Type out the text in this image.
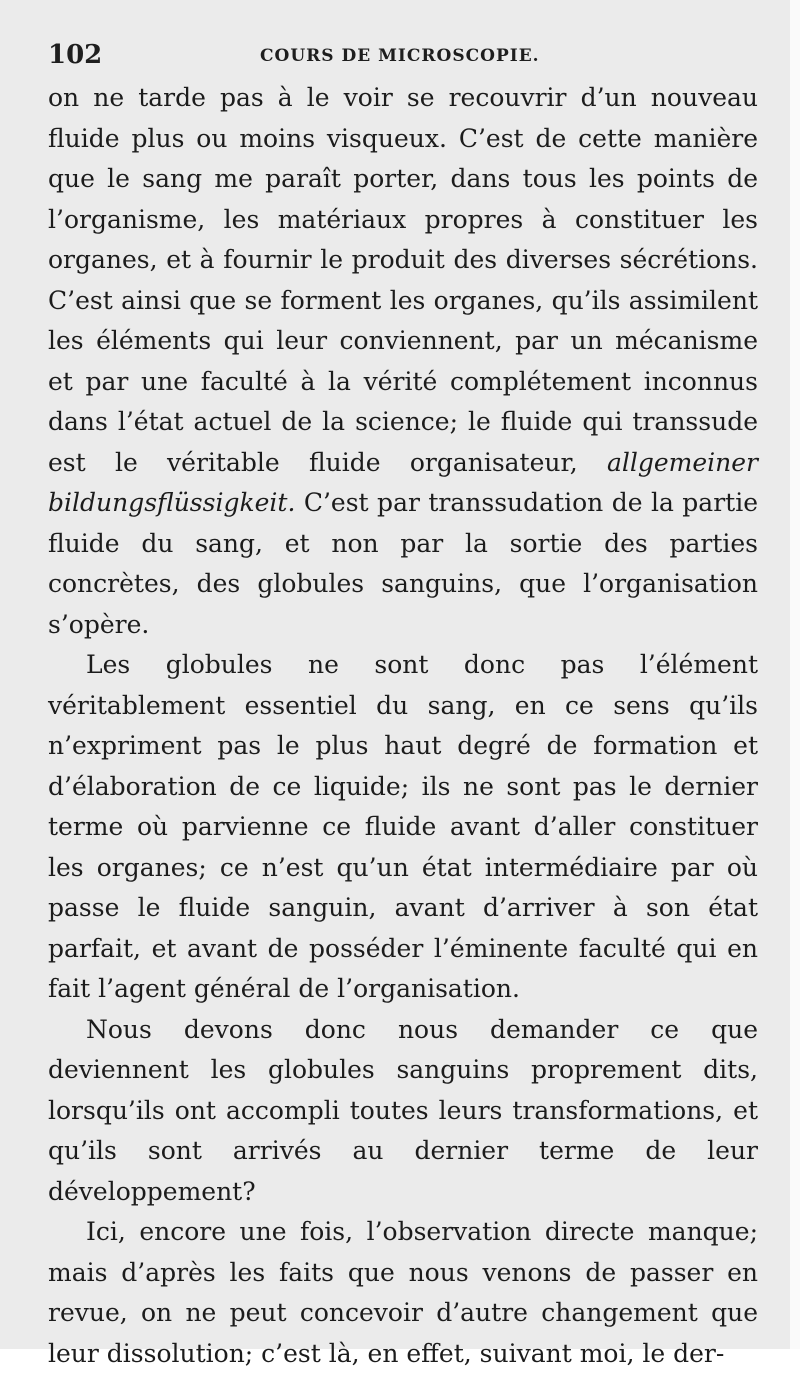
102	COURS DE MICROSCOPIE.

on ne tarde pas à le voir se recouvrir d’un nouveau fluide plus ou moins visqueux. C’est de cette manière que le sang me paraît porter, dans tous les points de l’organisme, les matériaux propres à constituer les organes, et à fournir le produit des diverses sécrétions. C’est ainsi que se forment les organes, qu’ils assimilent les éléments qui leur conviennent, par un mécanisme et par une faculté à la vérité complétement inconnus dans l’état actuel de la science; le fluide qui transsude est le véritable fluide organisateur, allgemeiner bildungsflüssigkeit. C’est par transsudation de la partie fluide du sang, et non par la sortie des parties concrètes, des globules sanguins, que l’organisation s’opère.

Les globules ne sont donc pas l’élément véritablement essentiel du sang, en ce sens qu’ils n’expriment pas le plus haut degré de formation et d’élaboration de ce liquide; ils ne sont pas le dernier terme où parvienne ce fluide avant d’aller constituer les organes; ce n’est qu’un état intermédiaire par où passe le fluide sanguin, avant d’arriver à son état parfait, et avant de posséder l’éminente faculté qui en fait l’agent général de l’organisation.

Nous devons donc nous demander ce que deviennent les globules sanguins proprement dits, lorsqu’ils ont accompli toutes leurs transformations, et qu’ils sont arrivés au dernier terme de leur développement?

Ici, encore une fois, l’observation directe manque; mais d’après les faits que nous venons de passer en revue, on ne peut concevoir d’autre changement que leur dissolution; c’est là, en effet, suivant moi, le der-
